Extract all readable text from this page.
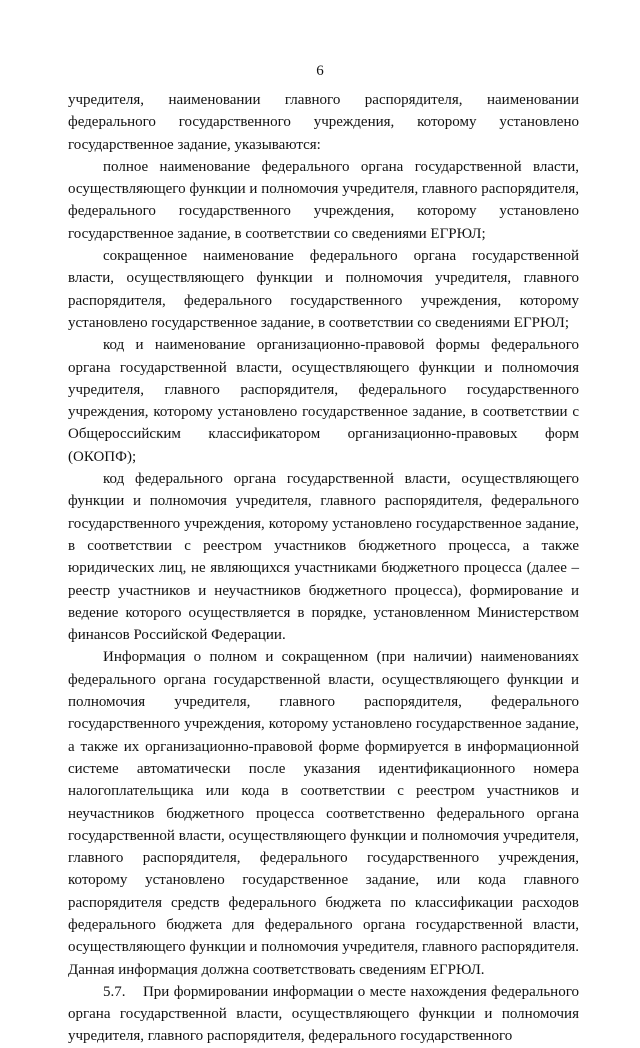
6

учредителя, наименовании главного распорядителя, наименовании федерального государственного учреждения, которому установлено государственное задание, указываются:

полное наименование федерального органа государственной власти, осуществляющего функции и полномочия учредителя, главного распорядителя, федерального государственного учреждения, которому установлено государственное задание, в соответствии со сведениями ЕГРЮЛ;

сокращенное наименование федерального органа государственной власти, осуществляющего функции и полномочия учредителя, главного распорядителя, федерального государственного учреждения, которому установлено государственное задание, в соответствии со сведениями ЕГРЮЛ;

код и наименование организационно-правовой формы федерального органа государственной власти, осуществляющего функции и полномочия учредителя, главного распорядителя, федерального государственного учреждения, которому установлено государственное задание, в соответствии с Общероссийским классификатором организационно-правовых форм (ОКОПФ);

код федерального органа государственной власти, осуществляющего функции и полномочия учредителя, главного распорядителя, федерального государственного учреждения, которому установлено государственное задание, в соответствии с реестром участников бюджетного процесса, а также юридических лиц, не являющихся участниками бюджетного процесса (далее – реестр участников и неучастников бюджетного процесса), формирование и ведение которого осуществляется в порядке, установленном Министерством финансов Российской Федерации.

Информация о полном и сокращенном (при наличии) наименованиях федерального органа государственной власти, осуществляющего функции и полномочия учредителя, главного распорядителя, федерального государственного учреждения, которому установлено государственное задание, а также их организационно-правовой форме формируется в информационной системе автоматически после указания идентификационного номера налогоплательщика или кода в соответствии с реестром участников и неучастников бюджетного процесса соответственно федерального органа государственной власти, осуществляющего функции и полномочия учредителя, главного распорядителя, федерального государственного учреждения, которому установлено государственное задание, или кода главного распорядителя средств федерального бюджета по классификации расходов федерального бюджета для федерального органа государственной власти, осуществляющего функции и полномочия учредителя, главного распорядителя. Данная информация должна соответствовать сведениям ЕГРЮЛ.

5.7.    При формировании информации о месте нахождения федерального органа государственной власти, осуществляющего функции и полномочия учредителя, главного распорядителя, федерального государственного
